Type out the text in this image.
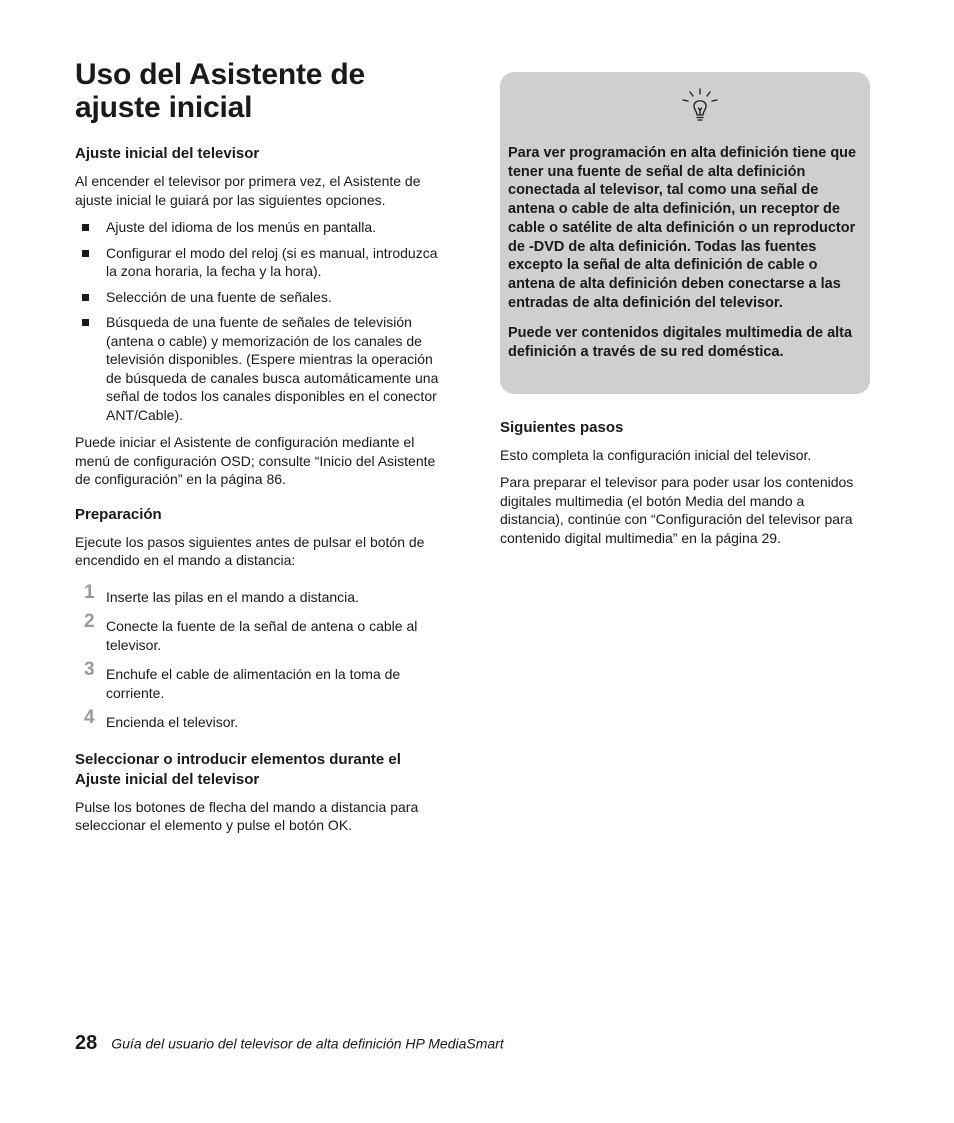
Uso del Asistente de ajuste inicial
Ajuste inicial del televisor

Al encender el televisor por primera vez, el Asistente de ajuste inicial le guiará por las siguientes opciones.

Ajuste del idioma de los menús en pantalla.
Configurar el modo del reloj (si es manual, introduzca la zona horaria, la fecha y la hora).
Selección de una fuente de señales.
Búsqueda de una fuente de señales de televisión (antena o cable) y memorización de los canales de televisión disponibles. (Espere mientras la operación de búsqueda de canales busca automáticamente una señal de todos los canales disponibles en el conector ANT/Cable).

Puede iniciar el Asistente de configuración mediante el menú de configuración OSD; consulte “Inicio del Asistente de configuración” en la página 86.

Preparación

Ejecute los pasos siguientes antes de pulsar el botón de encendido en el mando a distancia:

1 Inserte las pilas en el mando a distancia.
2 Conecte la fuente de la señal de antena o cable al televisor.
3 Enchufe el cable de alimentación en la toma de corriente.
4 Encienda el televisor.
Seleccionar o introducir elementos durante el Ajuste inicial del televisor

Pulse los botones de flecha del mando a distancia para seleccionar el elemento y pulse el botón OK.

Para ver programación en alta definición tiene que tener una fuente de señal de alta definición conectada al televisor, tal como una señal de antena o cable de alta definición, un receptor de cable o satélite de alta definición o un reproductor de -DVD de alta definición. Todas las fuentes excepto la señal de alta definición de cable o antena de alta definición deben conectarse a las entradas de alta definición del televisor.

Puede ver contenidos digitales multimedia de alta definición a través de su red doméstica.

Siguientes pasos

Esto completa la configuración inicial del televisor.

Para preparar el televisor para poder usar los contenidos digitales multimedia (el botón Media del mando a distancia), continúe con “Configuración del televisor para contenido digital multimedia” en la página 29.

28 Guía del usuario del televisor de alta definición HP MediaSmart
